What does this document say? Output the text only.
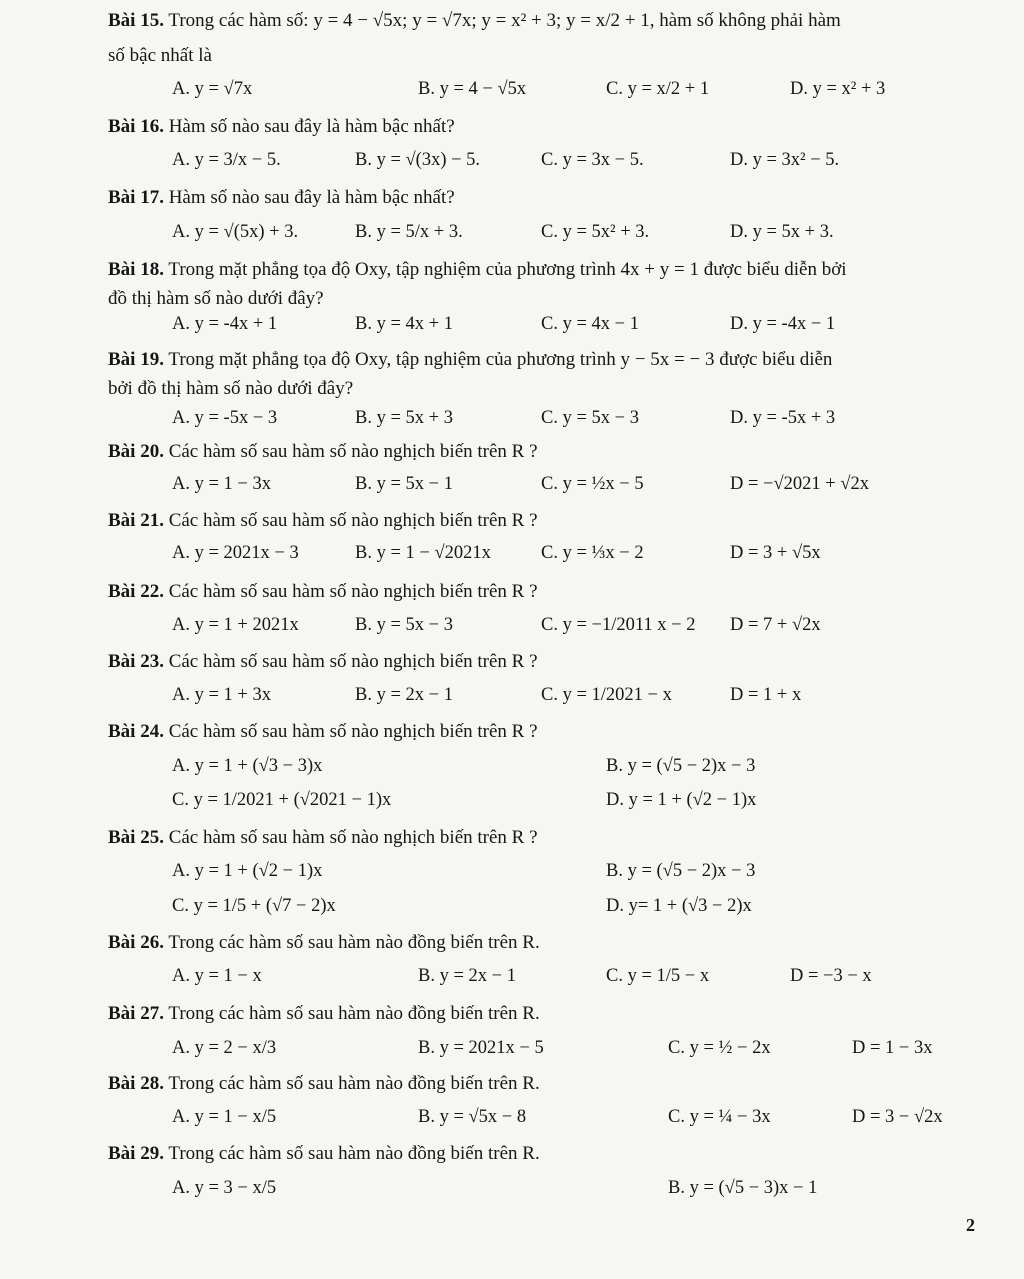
Bài 15. Trong các hàm số: y = 4 − √5x; y = √7x; y = x² + 3; y = x/2 + 1, hàm số không phải hàm
số bậc nhất là
A. y = √7x	B. y = 4 − √5x	C. y = x/2 + 1	D. y = x² + 3
Bài 16. Hàm số nào sau đây là hàm bậc nhất?
A. y = 3/x − 5.	B. y = √(3x) − 5.	C. y = 3x − 5.	D. y = 3x² − 5.
Bài 17. Hàm số nào sau đây là hàm bậc nhất?
A. y = √(5x) + 3.	B. y = 5/x + 3.	C. y = 5x² + 3.	D. y = 5x + 3.
Bài 18. Trong mặt phẳng tọa độ Oxy, tập nghiệm của phương trình 4x + y = 1 được biểu diễn bởi
đồ thị hàm số nào dưới đây?
A. y = -4x + 1	B. y = 4x + 1	C. y = 4x − 1	D. y = -4x − 1
Bài 19. Trong mặt phẳng tọa độ Oxy, tập nghiệm của phương trình y − 5x = − 3 được biểu diễn
bởi đồ thị hàm số nào dưới đây?
A. y = -5x − 3	B. y = 5x + 3	C. y = 5x − 3	D. y = -5x + 3
Bài 20. Các hàm số sau hàm số nào nghịch biến trên R ?
A. y = 1 − 3x	B. y = 5x − 1	C. y = ½x − 5	D = −√2021 + √2x
Bài 21. Các hàm số sau hàm số nào nghịch biến trên R ?
A. y = 2021x − 3	B. y = 1 − √2021x	C. y = ⅓x − 2	D = 3 + √5x
Bài 22. Các hàm số sau hàm số nào nghịch biến trên R ?
A. y = 1 + 2021x	B. y = 5x − 3	C. y = −1/2011 x − 2 D = 7 + √2x
Bài 23. Các hàm số sau hàm số nào nghịch biến trên R ?
A. y = 1 + 3x	B. y = 2x − 1	C. y = 1/2021 − x	D = 1 + x
Bài 24. Các hàm số sau hàm số nào nghịch biến trên R ?
A. y = 1 + (√3 − 3)x	B. y = (√5 − 2)x − 3
C. y = 1/2021 + (√2021 − 1)x	D. y = 1 + (√2 − 1)x
Bài 25. Các hàm số sau hàm số nào nghịch biến trên R ?
A. y = 1 + (√2 − 1)x	B. y = (√5 − 2)x − 3
C. y = 1/5 + (√7 − 2)x	D. y= 1 + (√3 − 2)x
Bài 26. Trong các hàm số sau hàm nào đồng biến trên R.
A. y = 1 − x	B. y = 2x − 1	C. y = 1/5 − x	D = −3 − x
Bài 27. Trong các hàm số sau hàm nào đồng biến trên R.
A. y = 2 − x/3	B. y = 2021x − 5	C. y = ½ − 2x	D = 1 − 3x
Bài 28. Trong các hàm số sau hàm nào đồng biến trên R.
A. y = 1 − x/5	B. y = √5x − 8	C. y = ¼ − 3x	D = 3 − √2x
Bài 29. Trong các hàm số sau hàm nào đồng biến trên R.
A. y = 3 − x/5	B. y = (√5 − 3)x − 1
2
